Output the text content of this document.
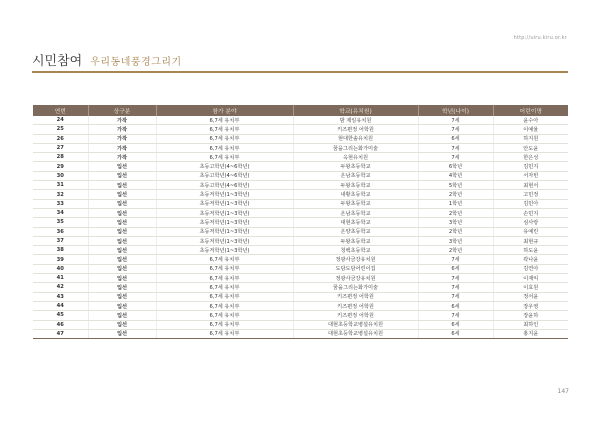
http://uiru.kiru.or.kr
시민참여 우리동네풍경그리기
연번	상구분	참가 분야	학교(유치원)	학년(나이)	어린이명
24	가작	6,7세 유치부	밤 제일유치원	7세	윤수아
25	가작	6,7세 유치부	키즈편정 어학원	7세	이예율
26	가작	6,7세 유치부	현대한솔유치원	6세	하지원
27	가작	6,7세 유치부	꿈을그리는화가미술	7세	안도윤
28	가작	6,7세 유치부	옥현유치원	7세	한은성
29	입선	초등고학년(4~6학년)	두왕초등학교	6학년	김민지
30	입선	초등고학년(4~6학년)	온남초등학교	4학년	서자빈
31	입선	초등고학년(4~6학년)	두왕초등학교	5학년	최현서
32	입선	초등저학년(1~3학년)	내황초등학교	2학년	고민정
33	입선	초등저학년(1~3학년)	두왕초등학교	1학년	김민아
34	입선	초등저학년(1~3학년)	온남초등학교	2학년	손민지
35	입선	초등저학년(1~3학년)	대현초등학교	3학년	심사랑
36	입선	초등저학년(1~3학년)	온양초등학교	2학년	유예린
37	입선	초등저학년(1~3학년)	두왕초등학교	3학년	최현규
38	입선	초등저학년(1~3학년)	청백초등학교	2학년	하도윤
39	입선	6,7세 유치부	정광사금강유치원	7세	곽나윤
40	입선	6,7세 유치부	도담도담어린이집	6세	김연아
41	입선	6,7세 유치부	정광사금강유치원	7세	이재익
42	입선	6,7세 유치부	꿈을그리는화가미술	7세	이효원
43	입선	6,7세 유치부	키즈편정 어학원	7세	정서윤
44	입선	6,7세 유치부	키즈편정 어학원	6세	장우영
45	입선	6,7세 유치부	키즈편정 어학원	7세	장윤하
46	입선	6,7세 유치부	대현초등학교병설유치원	6세	최하인
47	입선	6,7세 유치부	대현초등학교병설유치원	6세	홍지윤
147
